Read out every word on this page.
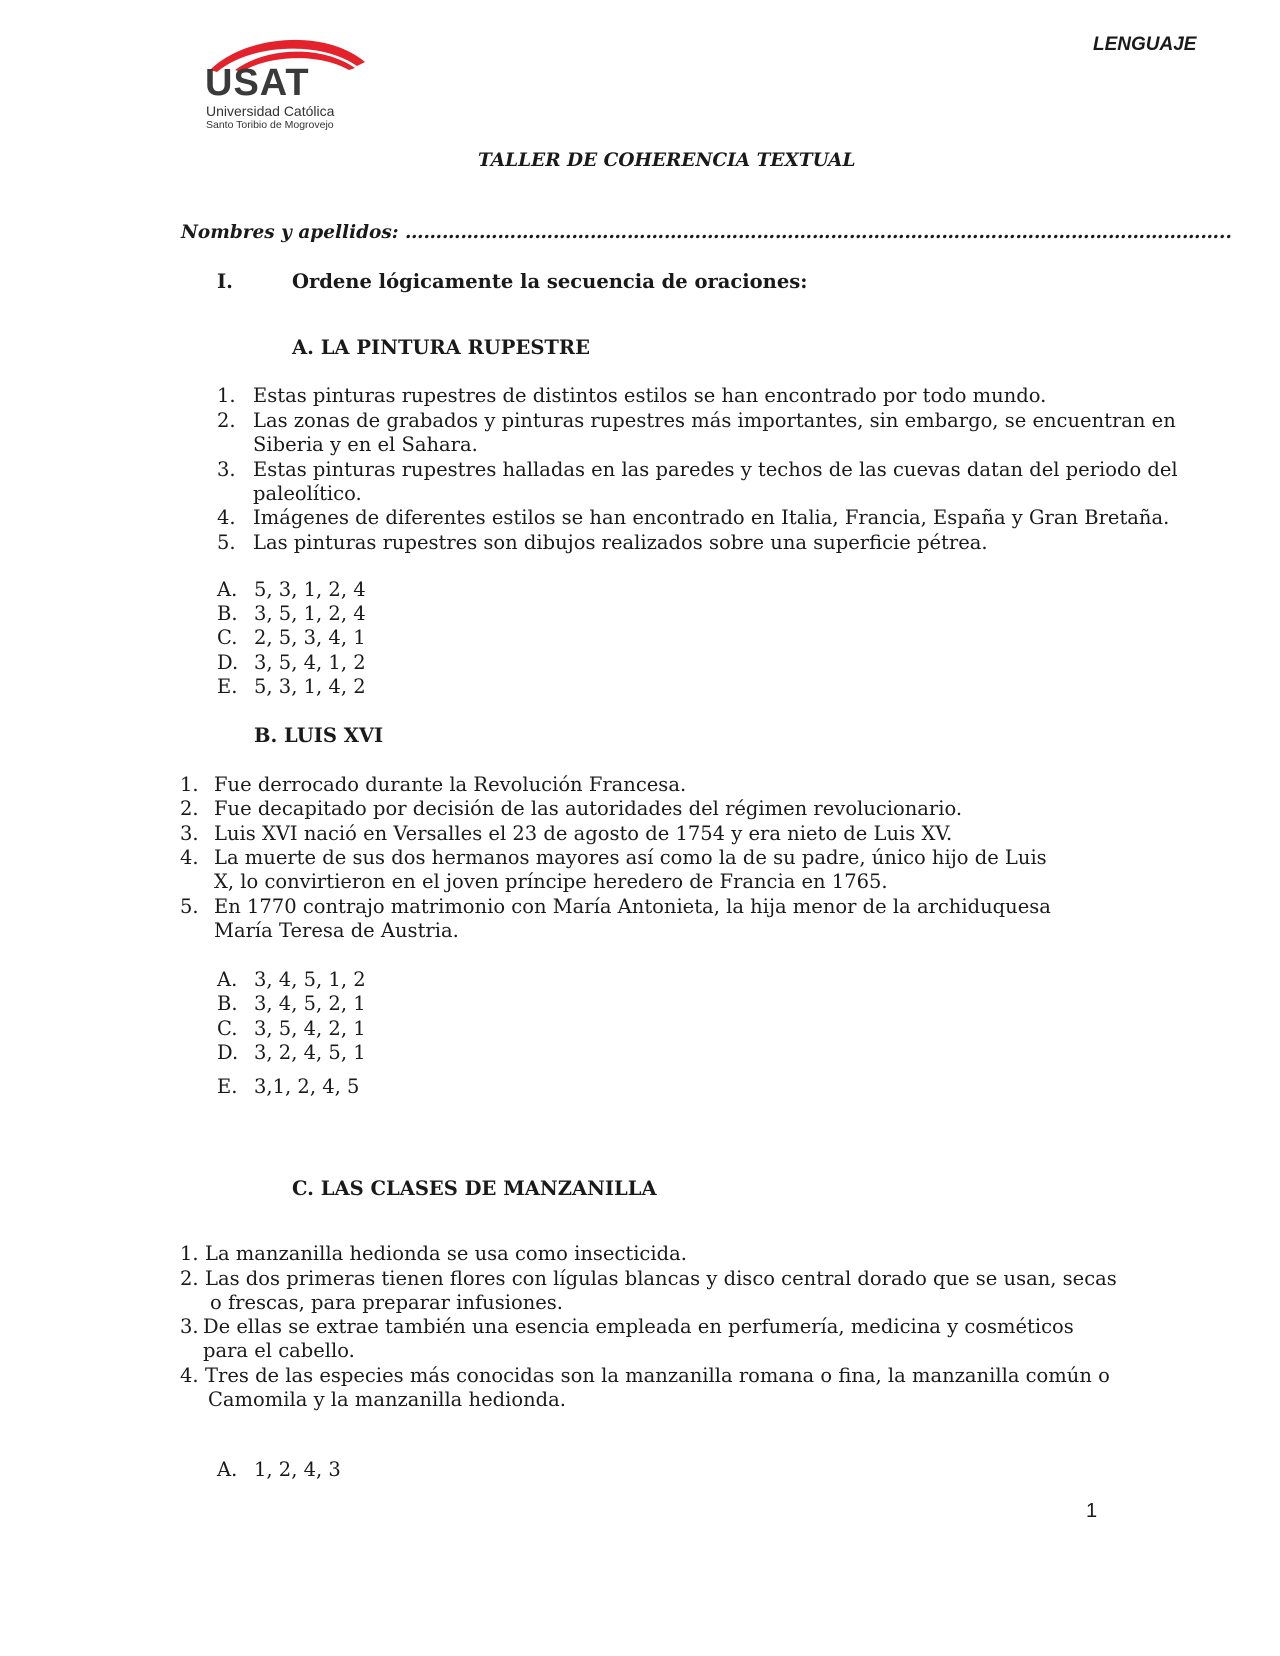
USAT
Universidad Católica
Santo Toribio de Mogrovejo
LENGUAJE
TALLER DE COHERENCIA TEXTUAL
Nombres y apellidos: ……………………………………………………………………………………………………………………..
I.	Ordene lógicamente la secuencia de oraciones:
A. LA PINTURA RUPESTRE
1. Estas pinturas rupestres de distintos estilos se han encontrado por todo mundo.
2. Las zonas de grabados y pinturas rupestres más importantes, sin embargo, se encuentran en
Siberia y en el Sahara.
3. Estas pinturas rupestres halladas en las paredes y techos de las cuevas datan del periodo del
paleolítico.
4. Imágenes de diferentes estilos se han encontrado en Italia, Francia, España y Gran Bretaña.
5. Las pinturas rupestres son dibujos realizados sobre una superficie pétrea.
A. 5, 3, 1, 2, 4
B. 3, 5, 1, 2, 4
C. 2, 5, 3, 4, 1
D. 3, 5, 4, 1, 2
E. 5, 3, 1, 4, 2
B. LUIS XVI
1. Fue derrocado durante la Revolución Francesa.
2. Fue decapitado por decisión de las autoridades del régimen revolucionario.
3. Luis XVI nació en Versalles el 23 de agosto de 1754 y era nieto de Luis XV.
4. La muerte de sus dos hermanos mayores así como la de su padre, único hijo de Luis
X, lo convirtieron en el joven príncipe heredero de Francia en 1765.
5. En 1770 contrajo matrimonio con María Antonieta, la hija menor de la archiduquesa
María Teresa de Austria.
A. 3, 4, 5, 1, 2
B. 3, 4, 5, 2, 1
C. 3, 5, 4, 2, 1
D. 3, 2, 4, 5, 1
E. 3,1, 2, 4, 5
C. LAS CLASES DE MANZANILLA
1. La manzanilla hedionda se usa como insecticida.
2. Las dos primeras tienen flores con lígulas blancas y disco central dorado que se usan, secas
o frescas, para preparar infusiones.
3. De ellas se extrae también una esencia empleada en perfumería, medicina y cosméticos
para el cabello.
4. Tres de las especies más conocidas son la manzanilla romana o fina, la manzanilla común o
Camomila y la manzanilla hedionda.
A. 1, 2, 4, 3
1
